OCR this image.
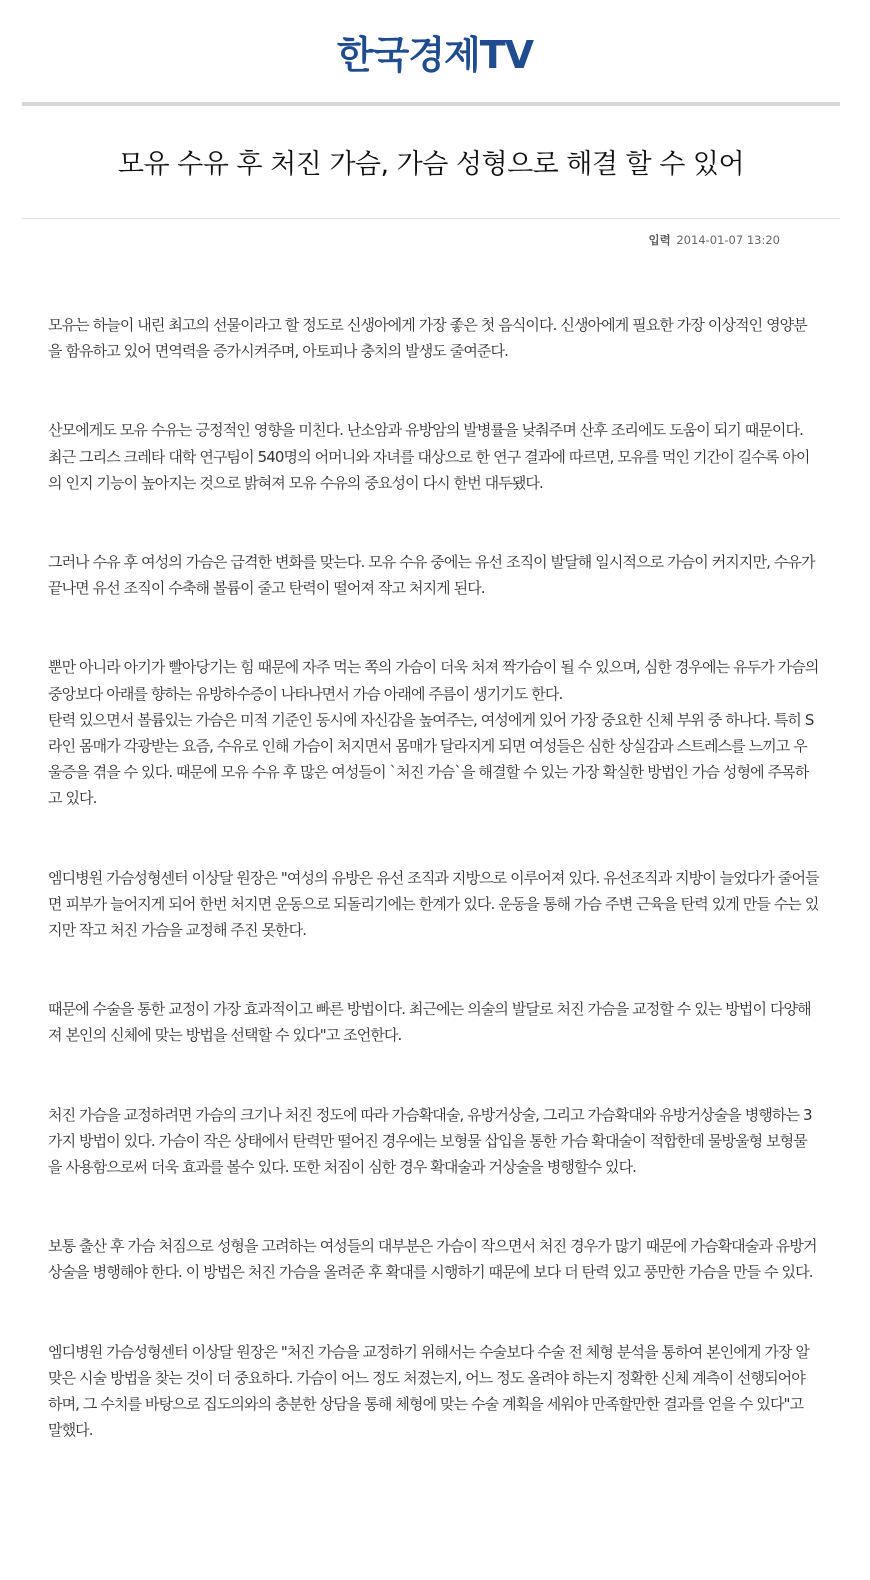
한국경제TV
모유 수유 후 처진 가슴, 가슴 성형으로 해결 할 수 있어
입력 2014-01-07 13:20

모유는 하늘이 내린 최고의 선물이라고 할 정도로 신생아에게 가장 좋은 첫 음식이다. 신생아에게 필요한 가장 이상적인 영양분을 함유하고 있어 면역력을 증가시켜주며, 아토피나 충치의 발생도 줄여준다.

산모에게도 모유 수유는 긍정적인 영향을 미친다. 난소암과 유방암의 발병률을 낮춰주며 산후 조리에도 도움이 되기 때문이다. 최근 그리스 크레타 대학 연구팀이 540명의 어머니와 자녀를 대상으로 한 연구 결과에 따르면, 모유를 먹인 기간이 길수록 아이의 인지 기능이 높아지는 것으로 밝혀져 모유 수유의 중요성이 다시 한번 대두됐다.

그러나 수유 후 여성의 가슴은 급격한 변화를 맞는다. 모유 수유 중에는 유선 조직이 발달해 일시적으로 가슴이 커지지만, 수유가 끝나면 유선 조직이 수축해 볼륨이 줄고 탄력이 떨어져 작고 처지게 된다.

뿐만 아니라 아기가 빨아당기는 힘 때문에 자주 먹는 쪽의 가슴이 더욱 처져 짝가슴이 될 수 있으며, 심한 경우에는 유두가 가슴의 중앙보다 아래를 향하는 유방하수증이 나타나면서 가슴 아래에 주름이 생기기도 한다.

탄력 있으면서 볼륨있는 가슴은 미적 기준인 동시에 자신감을 높여주는, 여성에게 있어 가장 중요한 신체 부위 중 하나다. 특히 S라인 몸매가 각광받는 요즘, 수유로 인해 가슴이 처지면서 몸매가 달라지게 되면 여성들은 심한 상실감과 스트레스를 느끼고 우울증을 겪을 수 있다. 때문에 모유 수유 후 많은 여성들이 `처진 가슴`을 해결할 수 있는 가장 확실한 방법인 가슴 성형에 주목하고 있다.

엠디병원 가슴성형센터 이상달 원장은 "여성의 유방은 유선 조직과 지방으로 이루어져 있다. 유선조직과 지방이 늘었다가 줄어들면 피부가 늘어지게 되어 한번 처지면 운동으로 되돌리기에는 한계가 있다. 운동을 통해 가슴 주변 근육을 탄력 있게 만들 수는 있지만 작고 처진 가슴을 교정해 주진 못한다.

때문에 수술을 통한 교정이 가장 효과적이고 빠른 방법이다. 최근에는 의술의 발달로 처진 가슴을 교정할 수 있는 방법이 다양해져 본인의 신체에 맞는 방법을 선택할 수 있다"고 조언한다.

처진 가슴을 교정하려면 가슴의 크기나 처진 정도에 따라 가슴확대술, 유방거상술, 그리고 가슴확대와 유방거상술을 병행하는 3가지 방법이 있다. 가슴이 작은 상태에서 탄력만 떨어진 경우에는 보형물 삽입을 통한 가슴 확대술이 적합한데 물방울형 보형물을 사용함으로써 더욱 효과를 볼수 있다. 또한 처짐이 심한 경우 확대술과 거상술을 병행할수 있다.

보통 출산 후 가슴 처짐으로 성형을 고려하는 여성들의 대부분은 가슴이 작으면서 처진 경우가 많기 때문에 가슴확대술과 유방거상술을 병행해야 한다. 이 방법은 처진 가슴을 올려준 후 확대를 시행하기 때문에 보다 더 탄력 있고 풍만한 가슴을 만들 수 있다.

엠디병원 가슴성형센터 이상달 원장은 "처진 가슴을 교정하기 위해서는 수술보다 수술 전 체형 분석을 통하여 본인에게 가장 알맞은 시술 방법을 찾는 것이 더 중요하다. 가슴이 어느 정도 처졌는지, 어느 정도 올려야 하는지 정확한 신체 계측이 선행되어야 하며, 그 수치를 바탕으로 집도의와의 충분한 상담을 통해 체형에 맞는 수술 계획을 세워야 만족할만한 결과를 얻을 수 있다"고 말했다.
